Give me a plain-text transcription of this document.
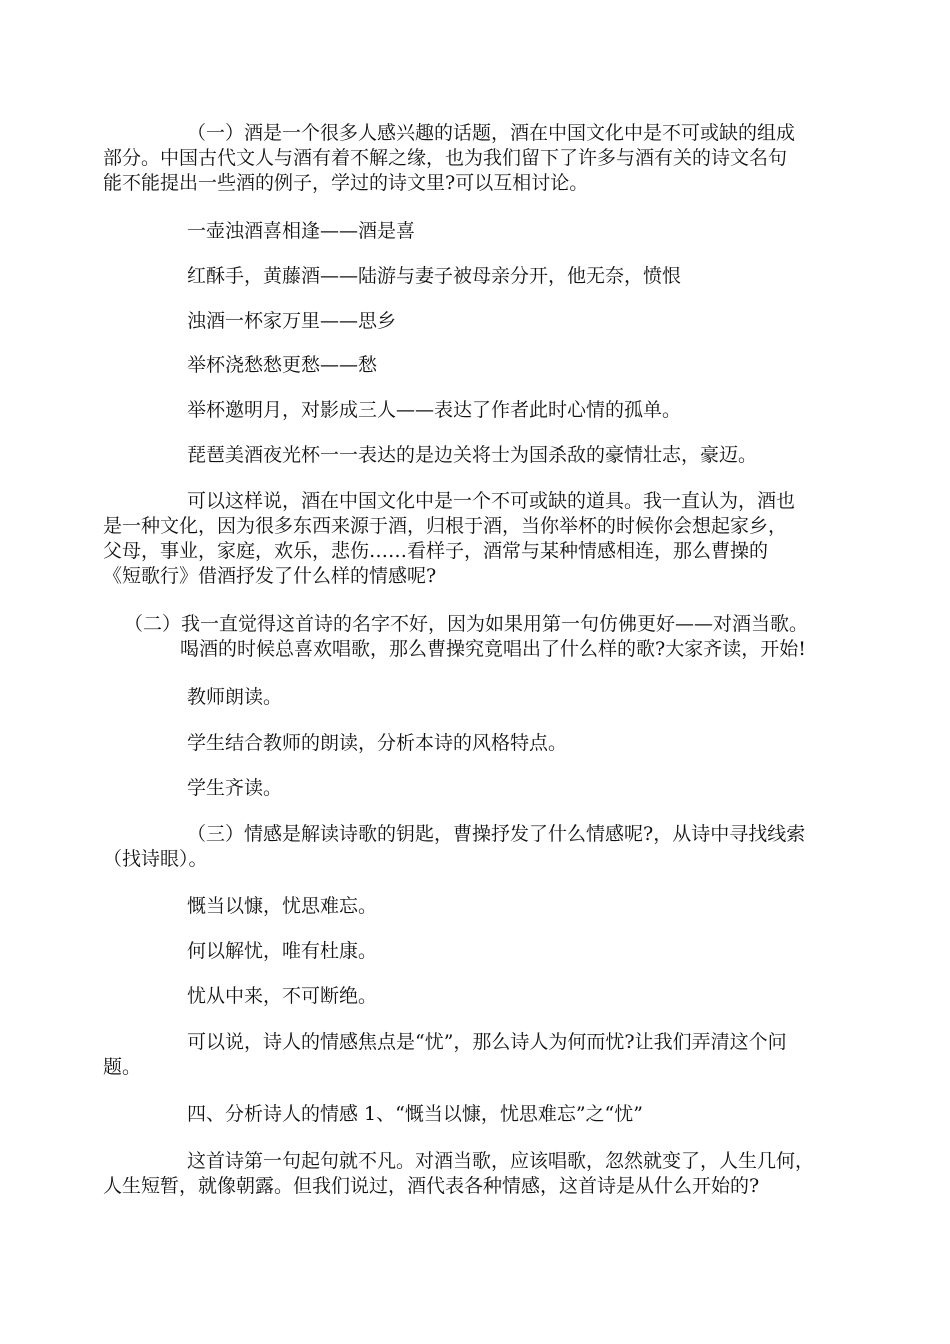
（一）酒是一个很多人感兴趣的话题，酒在中国文化中是不可或缺的组成
部分。中国古代文人与酒有着不解之缘，也为我们留下了许多与酒有关的诗文名句
能不能提出一些酒的例子，学过的诗文里?可以互相讨论。

一壶浊酒喜相逢——酒是喜

红酥手，黄藤酒——陆游与妻子被母亲分开，他无奈，愤恨

浊酒一杯家万里——思乡

举杯浇愁愁更愁——愁

举杯邀明月，对影成三人——表达了作者此时心情的孤单。

琵琶美酒夜光杯一一表达的是边关将士为国杀敌的豪情壮志，豪迈。

可以这样说，酒在中国文化中是一个不可或缺的道具。我一直认为，酒也
是一种文化，因为很多东西来源于酒，归根于酒，当你举杯的时候你会想起家乡，
父母，事业，家庭，欢乐，悲伤……看样子，酒常与某种情感相连，那么曹操的
《短歌行》借酒抒发了什么样的情感呢?

（二）我一直觉得这首诗的名字不好，因为如果用第一句仿佛更好——对酒当歌。
喝酒的时候总喜欢唱歌，那么曹操究竟唱出了什么样的歌?大家齐读，开始!

教师朗读。

学生结合教师的朗读，分析本诗的风格特点。

学生齐读。

（三）情感是解读诗歌的钥匙，曹操抒发了什么情感呢?，从诗中寻找线索
（找诗眼）。

慨当以慷，忧思难忘。

何以解忧，唯有杜康。

忧从中来，不可断绝。

可以说，诗人的情感焦点是“忧”，那么诗人为何而忧?让我们弄清这个问
题。

四、分析诗人的情感 1、“慨当以慷，忧思难忘”之“忧”

这首诗第一句起句就不凡。对酒当歌，应该唱歌，忽然就变了，人生几何，
人生短暂，就像朝露。但我们说过，酒代表各种情感，这首诗是从什么开始的?
